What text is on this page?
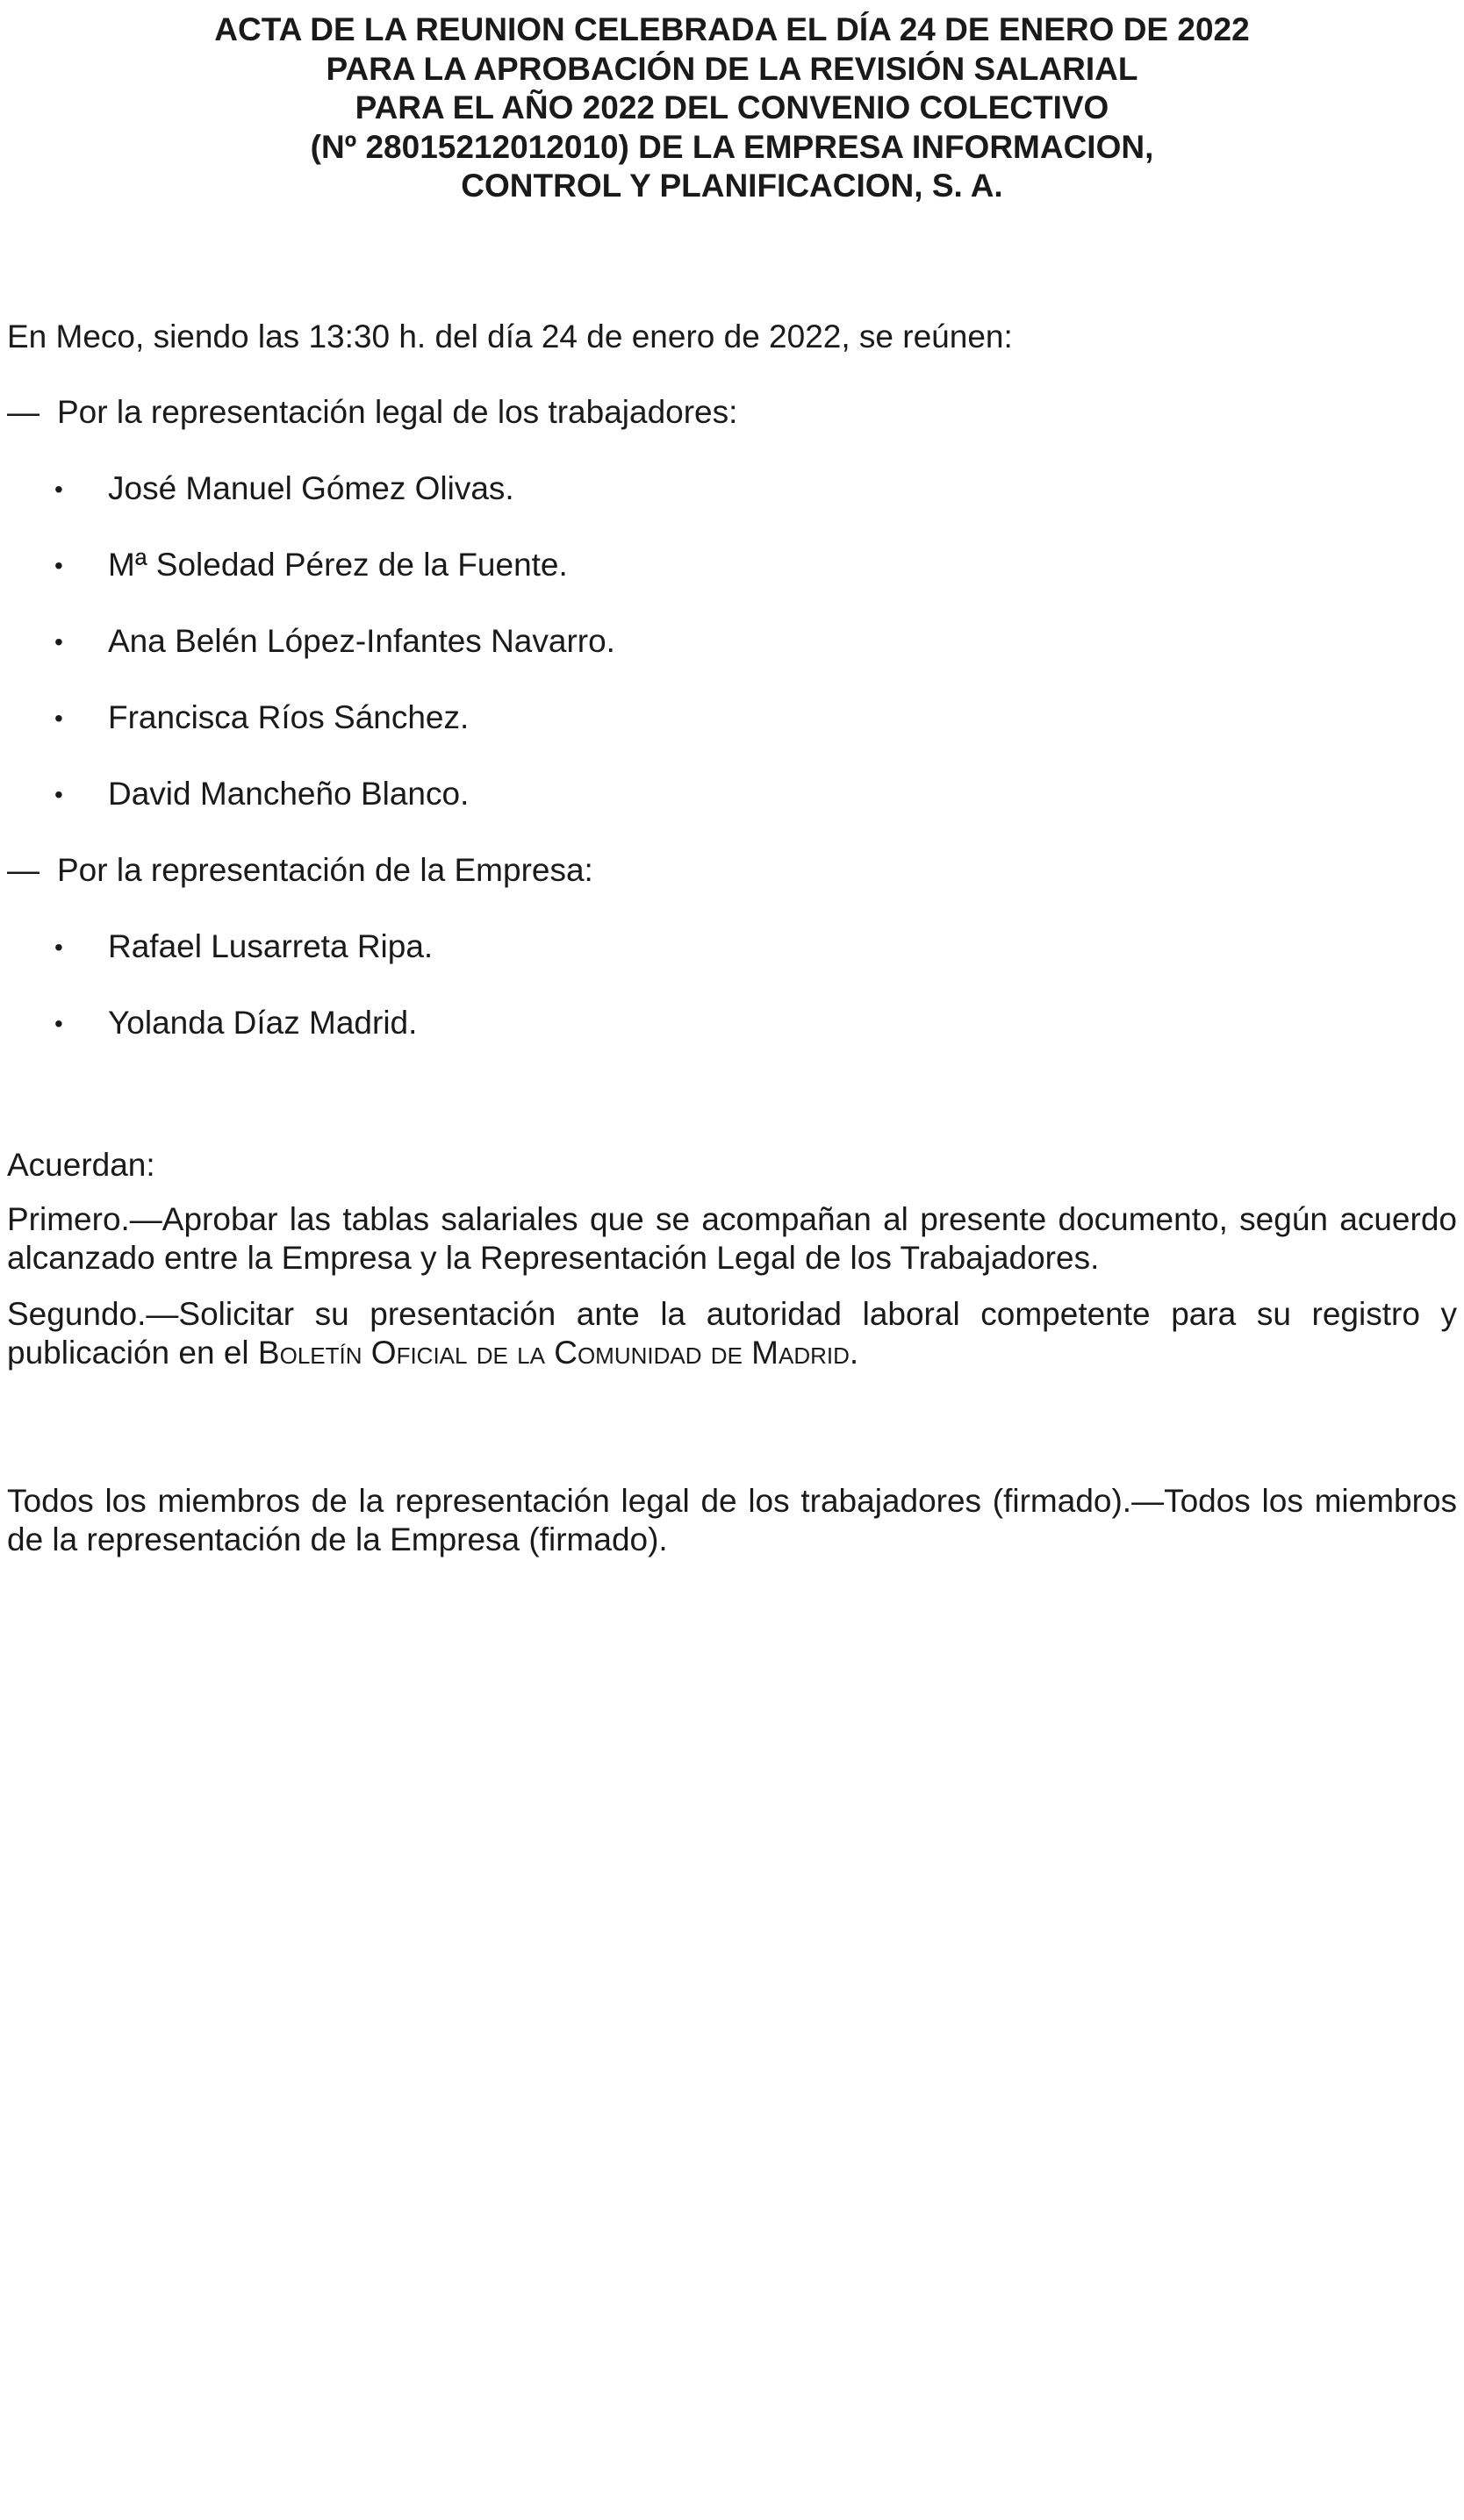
ACTA DE LA REUNION CELEBRADA EL DÍA 24 DE ENERO DE 2022
PARA LA APROBACIÓN DE LA REVISIÓN SALARIAL
PARA EL AÑO 2022 DEL CONVENIO COLECTIVO
(Nº 28015212012010) DE LA EMPRESA INFORMACION,
CONTROL Y PLANIFICACION, S. A.

En Meco, siendo las 13:30 h. del día 24 de enero de 2022, se reúnen:

— Por la representación legal de los trabajadores:

• José Manuel Gómez Olivas.

• Mª Soledad Pérez de la Fuente.

• Ana Belén López-Infantes Navarro.

• Francisca Ríos Sánchez.

• David Mancheño Blanco.

— Por la representación de la Empresa:

• Rafael Lusarreta Ripa.

• Yolanda Díaz Madrid.

Acuerdan:

Primero.—Aprobar las tablas salariales que se acompañan al presente documento, según acuerdo alcanzado entre la Empresa y la Representación Legal de los Trabajadores.

Segundo.—Solicitar su presentación ante la autoridad laboral competente para su registro y publicación en el Boletín Oficial de la Comunidad de Madrid.

Todos los miembros de la representación legal de los trabajadores (firmado).—Todos los miembros de la representación de la Empresa (firmado).
